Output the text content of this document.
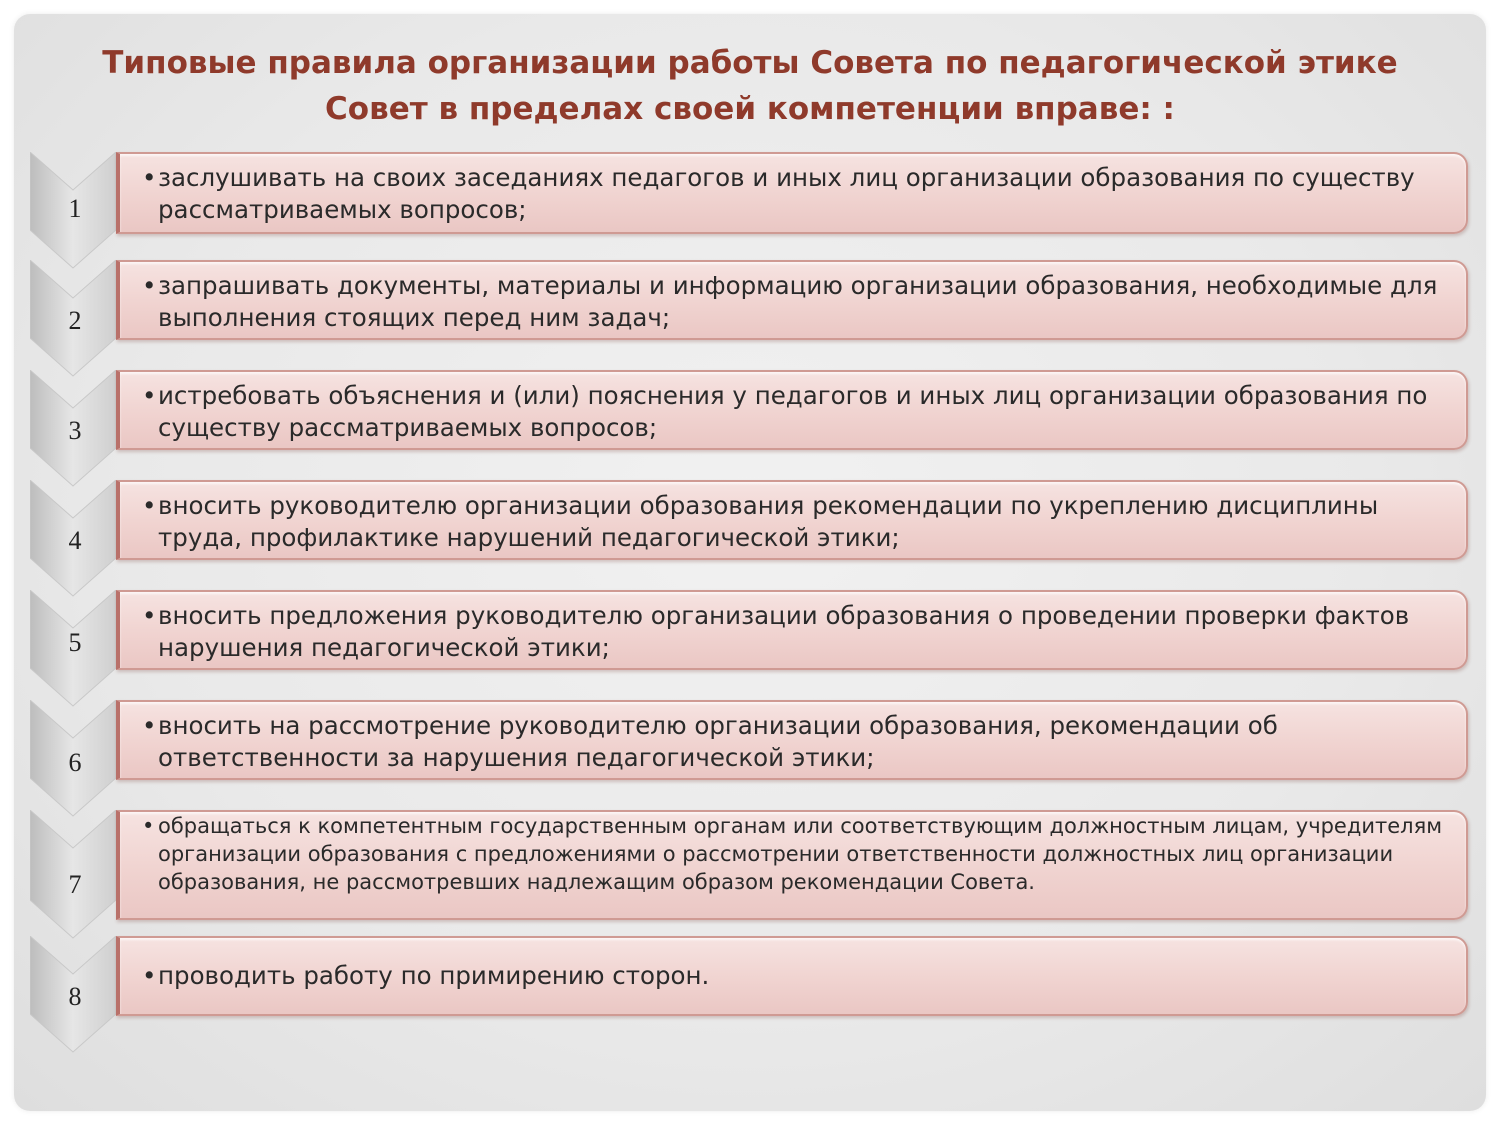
Типовые правила организации работы Совета по педагогической этике
Совет в пределах своей компетенции вправе: :
1
•заслушивать на своих заседаниях педагогов и иных лиц организации образования по существу рассматриваемых вопросов;
2
•запрашивать документы, материалы и информацию организации образования, необходимые для выполнения стоящих перед ним задач;
3
•истребовать объяснения и (или) пояснения у педагогов и иных лиц организации образования по существу рассматриваемых вопросов;
4
•вносить руководителю организации образования рекомендации по укреплению дисциплины труда, профилактике нарушений педагогической этики;
5
•вносить предложения руководителю организации образования о проведении проверки фактов нарушения педагогической этики;
6
•вносить на рассмотрение руководителю организации образования, рекомендации об ответственности за нарушения педагогической этики;
7
• обращаться к компетентным государственным органам или соответствующим должностным лицам, учредителям организации образования с предложениями о рассмотрении ответственности должностных лиц организации образования, не рассмотревших надлежащим образом рекомендации Совета.
8
•проводить работу по примирению сторон.
